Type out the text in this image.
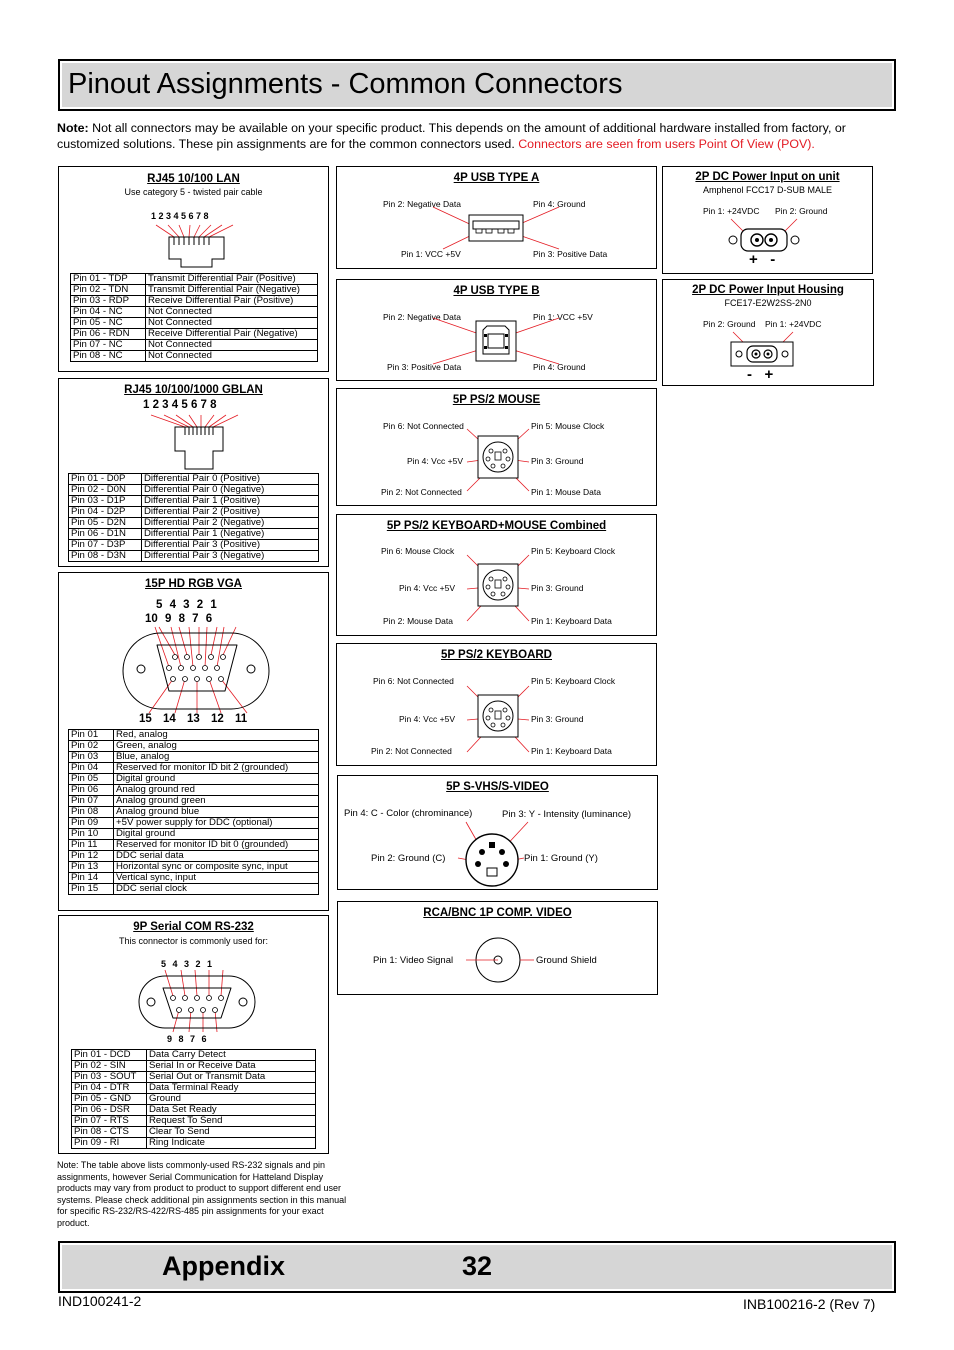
Pinout Assignments - Common Connectors
Note: Not all connectors may be available on your specific product. This depends on the amount of additional hardware installed from factory, or customized solutions. These pin assignments are for the common connectors used. Connectors are seen from users Point Of View (POV).
RJ45 10/100 LAN
Use category 5 - twisted pair cable
1 2 3 4 5 6 7 8
Pin 01 - TDP	Transmit Differential Pair (Positive)
Pin 02 - TDN	Transmit Differential Pair (Negative)
Pin 03 - RDP	Receive Differential Pair (Positive)
Pin 04 - NC	Not Connected
Pin 05 - NC	Not Connected
Pin 06 - RDN	Receive Differential Pair (Negative)
Pin 07 - NC	Not Connected
Pin 08 - NC	Not Connected
RJ45 10/100/1000 GBLAN
1 2 3 4 5 6 7 8
Pin 01 - D0P	Differential Pair 0 (Positive)
Pin 02 - D0N	Differential Pair 0 (Negative)
Pin 03 - D1P	Differential Pair 1 (Positive)
Pin 04 - D2P	Differential Pair 2 (Positive)
Pin 05 - D2N	Differential Pair 2 (Negative)
Pin 06 - D1N	Differential Pair 1 (Negative)
Pin 07 - D3P	Differential Pair 3 (Positive)
Pin 08 - D3N	Differential Pair 3 (Negative)
15P HD RGB VGA
5 4 3 2 1
10 9 8 7 6
15 14 13 12 11
Pin 01	Red, analog
Pin 02	Green, analog
Pin 03	Blue, analog
Pin 04	Reserved for monitor ID bit 2 (grounded)
Pin 05	Digital ground
Pin 06	Analog ground red
Pin 07	Analog ground green
Pin 08	Analog ground blue
Pin 09	+5V power supply for DDC (optional)
Pin 10	Digital ground
Pin 11	Reserved for monitor ID bit 0 (grounded)
Pin 12	DDC serial data
Pin 13	Horizontal sync or composite sync, input
Pin 14	Vertical sync, input
Pin 15	DDC serial clock
9P Serial COM RS-232
This connector is commonly used for:
5 4 3 2 1
9 8 7 6
Pin 01 - DCD	Data Carry Detect
Pin 02 - SIN	Serial In or Receive Data
Pin 03 - SOUT	Serial Out or Transmit Data
Pin 04 - DTR	Data Terminal Ready
Pin 05 - GND	Ground
Pin 06 - DSR	Data Set Ready
Pin 07 - RTS	Request To Send
Pin 08 - CTS	Clear To Send
Pin 09 - RI	Ring Indicate
Note: The table above lists commonly-used RS-232 signals and pin assignments, however Serial Communication for Hatteland Display products may vary from product to product to support different end user systems. Please check additional pin assignments section in this manual for specific RS-232/RS-422/RS-485 pin assignments for your exact product.
4P USB TYPE A
Pin 2: Negative Data	Pin 4: Ground
Pin 1: VCC +5V	Pin 3: Positive Data
4P USB TYPE B
Pin 2: Negative Data	Pin 1: VCC +5V
Pin 3: Positive Data	Pin 4: Ground
5P PS/2 MOUSE
Pin 6: Not Connected	Pin 5: Mouse Clock
Pin 4: Vcc +5V	Pin 3: Ground
Pin 2: Not Connected	Pin 1: Mouse Data
5P PS/2 KEYBOARD+MOUSE Combined
Pin 6: Mouse Clock	Pin 5: Keyboard Clock
Pin 4: Vcc +5V	Pin 3: Ground
Pin 2: Mouse Data	Pin 1: Keyboard Data
5P PS/2 KEYBOARD
Pin 6: Not Connected	Pin 5: Keyboard Clock
Pin 4: Vcc +5V	Pin 3: Ground
Pin 2: Not Connected	Pin 1: Keyboard Data
5P S-VHS/S-VIDEO
Pin 4: C - Color (chrominance)	Pin 3: Y - Intensity (luminance)
Pin 2: Ground (C)	Pin 1: Ground (Y)
RCA/BNC 1P COMP. VIDEO
Pin 1: Video Signal	Ground Shield
2P DC Power Input on unit
Amphenol FCC17 D-SUB MALE
Pin 1: +24VDC Pin 2: Ground
+   -
2P DC Power Input Housing
FCE17-E2W2SS-2N0
Pin 2: Ground Pin 1: +24VDC
-   +
Appendix	32
IND100241-2	INB100216-2 (Rev 7)
